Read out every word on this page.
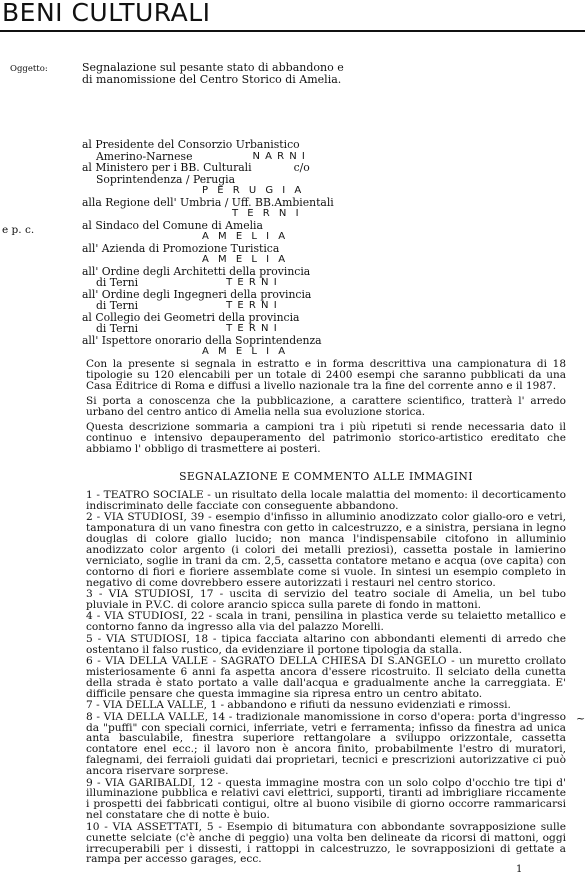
BENI CULTURALI
Oggetto:	Segnalazione sul pesante stato di abbandono e
di manomissione del Centro Storico di Amelia.
e p. c.
al Presidente del Consorzio Urbanistico
Amerino-Narnese	N A R N I
al Ministero per i BB. Culturali	c/o
Soprintendenza / Perugia
P E R U G I A
alla Regione dell' Umbria / Uff. BB.Ambientali
T E R N I
al Sindaco del Comune di Amelia
A M E L I A
all' Azienda di Promozione Turistica
A M E L I A
all' Ordine degli Architetti della provincia
di Terni	T E R N I
all' Ordine degli Ingegneri della provincia
di Terni	T E R N I
al Collegio dei Geometri della provincia
di Terni	T E R N I
all' Ispettore onorario della Soprintendenza
A M E L I A

Con la presente si segnala in estratto e in forma descrittiva una campionatura di 18 tipologie su 120 elencabili per un totale di 2400 esempi che saranno pubblicati da una Casa Editrice di Roma e diffusi a livello nazionale tra la fine del corrente anno e il 1987.

Si porta a conoscenza che la pubblicazione, a carattere scientifico, tratterà l' arredo urbano del centro antico di Amelia nella sua evoluzione storica.

Questa descrizione sommaria a campioni tra i più ripetuti si rende necessaria dato il continuo e intensivo depauperamento del patrimonio storico-artistico ereditato che abbiamo l' obbligo di trasmettere ai posteri.

SEGNALAZIONE E COMMENTO ALLE IMMAGINI
1 - TEATRO SOCIALE - un risultato della locale malattia del momento: il decorticamento indiscriminato delle facciate con conseguente abbandono.
2 - VIA STUDIOSI, 39 - esempio d'infisso in alluminio anodizzato color giallo-oro e vetri, tamponatura di un vano finestra con getto in calcestruzzo, e a sinistra, persiana in legno douglas di colore giallo lucido; non manca l'indispensabile citofono in alluminio anodizzato color argento (i colori dei metalli preziosi), cassetta postale in lamierino verniciato, soglie in trani da cm. 2,5, cassetta contatore metano e acqua (ove capita) con contorno di fiori e fioriere assemblate come si vuole. In sintesi un esempio completo in negativo di come dovrebbero essere autorizzati i restauri nel centro storico.
3 - VIA STUDIOSI, 17 - uscita di servizio del teatro sociale di Amelia, un bel tubo pluviale in P.V.C. di colore arancio spicca sulla parete di fondo in mattoni.
4 - VIA STUDIOSI, 22 - scala in trani, pensilina in plastica verde su telaietto metallico e contorno fanno da ingresso alla via del palazzo Morelli.
5 - VIA STUDIOSI, 18 - tipica facciata altarino con abbondanti elementi di arredo che ostentano il falso rustico, da evidenziare il portone tipologia da stalla.
6 - VIA DELLA VALLE - SAGRATO DELLA CHIESA DI S.ANGELO - un muretto crollato misteriosamente 6 anni fa aspetta ancora d'essere ricostruito. Il selciato della cunetta della strada è stato portato a valle dall'acqua e gradualmente anche la carreggiata. E' difficile pensare che questa immagine sia ripresa entro un centro abitato.
7 - VIA DELLA VALLE, 1 - abbandono e rifiuti da nessuno evidenziati e rimossi.
8 - VIA DELLA VALLE, 14 - tradizionale manomissione in corso d'opera: porta d'ingresso da "puffi" con speciali cornici, inferriate, vetri e ferramenta; infisso da finestra ad unica anta basculabile, finestra superiore rettangolare a sviluppo orizzontale, cassetta contatore enel ecc.; il lavoro non è ancora finito, probabilmente l'estro di muratori, falegnami, dei ferraioli guidati dai proprietari, tecnici e prescrizioni autorizzative ci può ancora riservare sorprese.
9 - VIA GARIBALDI, 12 - questa immagine mostra con un solo colpo d'occhio tre tipi d' illuminazione pubblica e relativi cavi elettrici, supporti, tiranti ad imbrigliare riccamente i prospetti dei fabbricati contigui, oltre al buono visibile di giorno occorre rammaricarsi nel constatare che di notte è buio.
10 - VIA ASSETTATI, 5 - Esempio di bitumatura con abbondante sovrapposizione sulle cunette selciate (c'è anche di peggio) una volta ben delineate da ricorsi di mattoni, oggi irrecuperabili per i dissesti, i rattoppi in calcestruzzo, le sovrapposizioni di gettate a rampa per accesso garages, ecc.
~
1
